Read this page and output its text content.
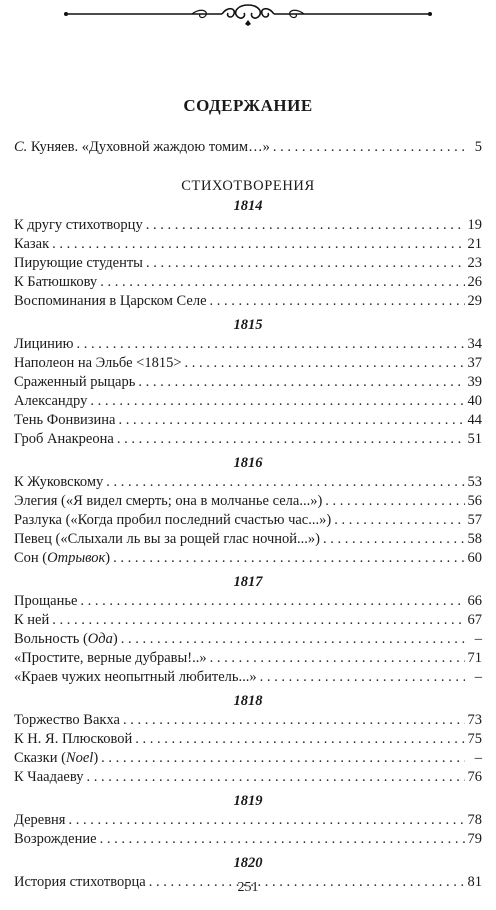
СОДЕРЖАНИЕ
С. Куняев. «Духовной жаждою томим…» . . .	5
СТИХОТВОРЕНИЯ
1814
К другу стихотворцу . . .	19
Казак . . .	21
Пирующие студенты . . .	23
К Батюшкову . . .	26
Воспоминания в Царском Селе . . .	29
1815
Лицинию . . .	34
Наполеон на Эльбе <1815> . . .	37
Сраженный рыцарь . . .	39
Александру . . .	40
Тень Фонвизина . . .	44
Гроб Анакреона . . .	51
1816
К Жуковскому . . .	53
Элегия («Я видел смерть; она в молчанье села...») . . .	56
Разлука («Когда пробил последний счастью час...») . . .	57
Певец («Слыхали ль вы за рощей глас ночной...») . . .	58
Сон (Отрывок) . . .	60
1817
Прощанье . . .	66
К ней . . .	67
Вольность (Ода) . . .	–
«Простите, верные дубравы!..» . . .	71
«Краев чужих неопытный любитель...» . . .	–
1818
Торжество Вакха . . .	73
К Н. Я. Плюсковой . . .	75
Сказки (Noel) . . .	–
К Чаадаеву . . .	76
1819
Деревня . . .	78
Возрождение . . .	79
1820
История стихотворца . . .	81
251
